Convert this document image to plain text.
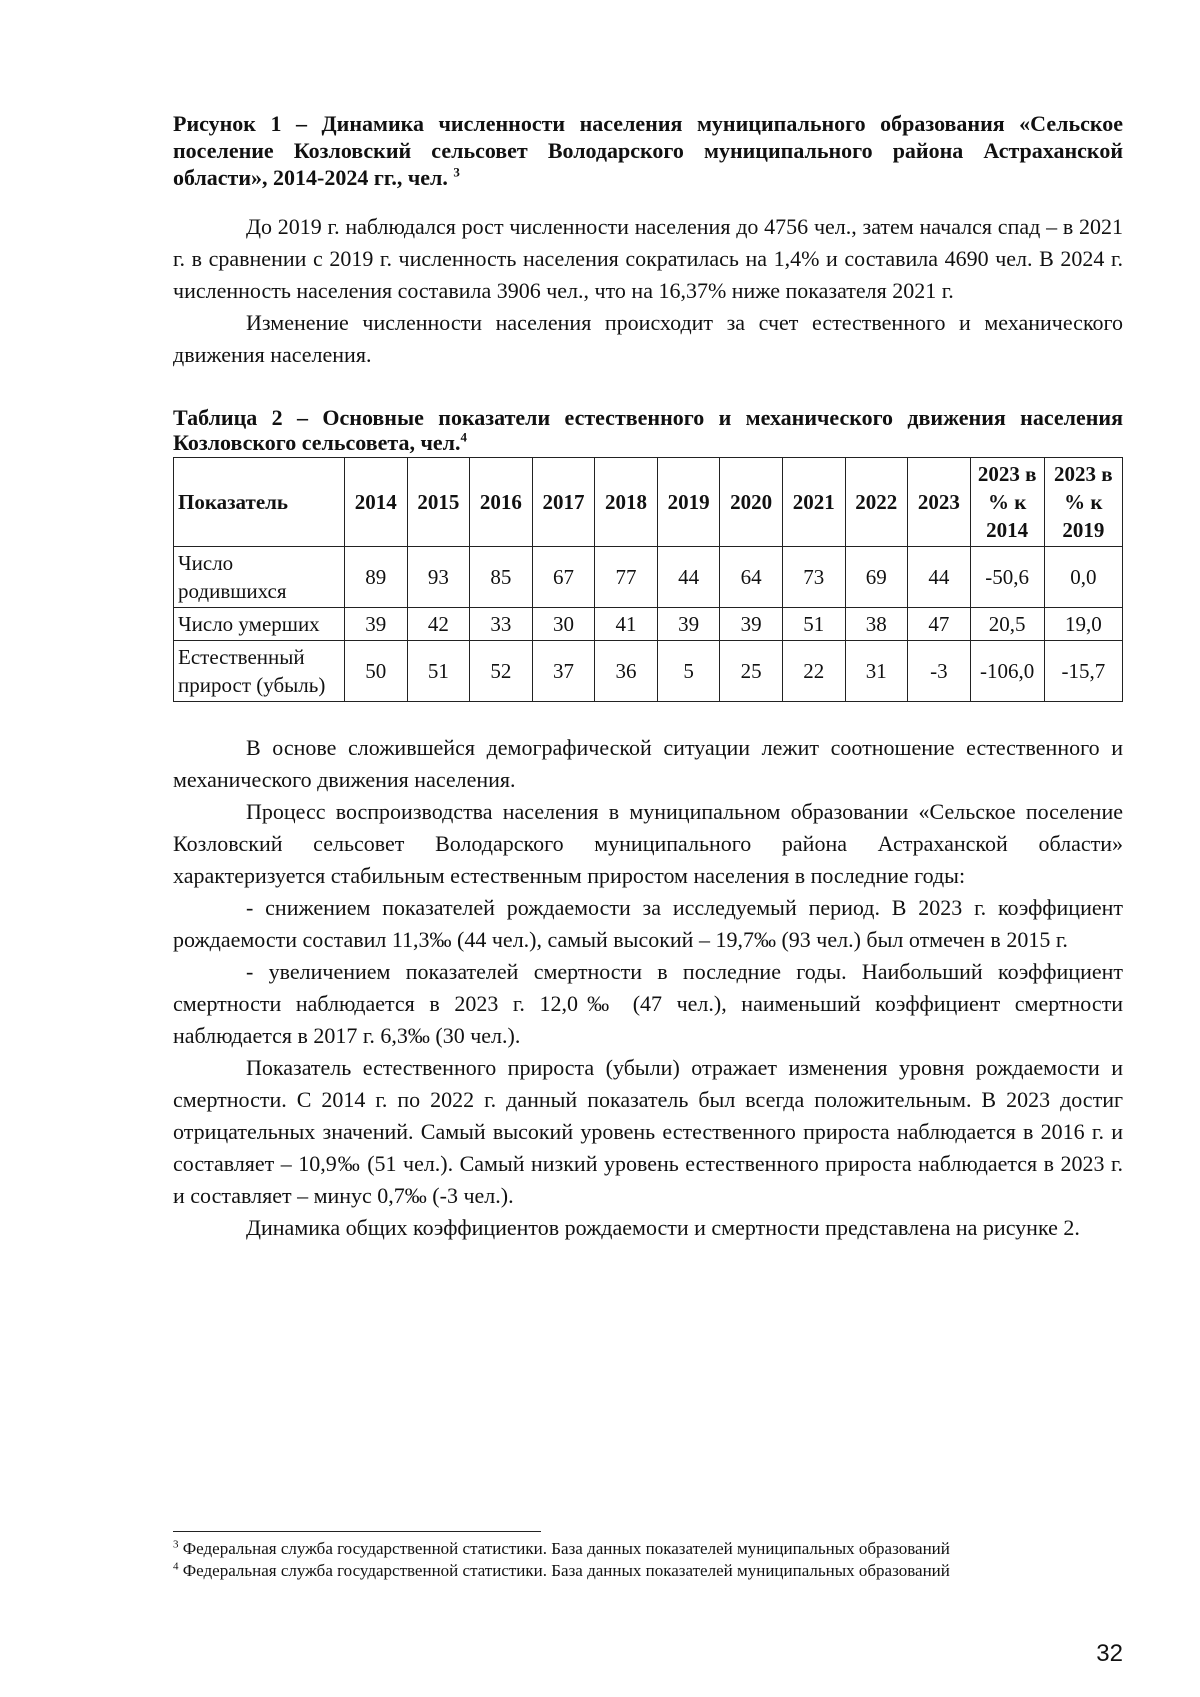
Рисунок 1 – Динамика численности населения муниципального образования «Сельское поселение Козловский сельсовет Володарского муниципального района Астраханской области», 2014-2024 гг., чел. $^3$

До 2019 г. наблюдался рост численности населения до 4756 чел., затем начался спад – в 2021 г. в сравнении с 2019 г. численность населения сократилась на 1,4% и составила 4690 чел. В 2024 г. численность населения составила 3906 чел., что на 16,37% ниже показателя 2021 г.

Изменение численности населения происходит за счет естественного и механического движения населения.

Таблица 2 – Основные показатели естественного и механического движения населения Козловского сельсовета, чел.$^4$

Показатель	2014	2015	2016	2017	2018	2019	2020	2021	2022	2023	2023 в % к 2014	2023 в % к 2019
Число родившихся	89	93	85	67	77	44	64	73	69	44	-50,6	0,0
Число умерших	39	42	33	30	41	39	39	51	38	47	20,5	19,0
Естественный прирост (убыль)	50	51	52	37	36	5	25	22	31	-3	-106,0	-15,7

В основе сложившейся демографической ситуации лежит соотношение естественного и механического движения населения.

Процесс воспроизводства населения в муниципальном образовании «Сельское поселение Козловский сельсовет Володарского муниципального района Астраханской области» характеризуется стабильным естественным приростом населения в последние годы:

- снижением показателей рождаемости за исследуемый период. В 2023 г. коэффициент рождаемости составил 11,3‰ (44 чел.), самый высокий – 19,7‰ (93 чел.) был отмечен в 2015 г.

- увеличением показателей смертности в последние годы. Наибольший коэффициент смертности наблюдается в 2023 г. 12,0‰ (47 чел.), наименьший коэффициент смертности наблюдается в 2017 г. 6,3‰ (30 чел.).

Показатель естественного прироста (убыли) отражает изменения уровня рождаемости и смертности. С 2014 г. по 2022 г. данный показатель был всегда положительным. В 2023 достиг отрицательных значений. Самый высокий уровень естественного прироста наблюдается в 2016 г. и составляет – 10,9‰ (51 чел.). Самый низкий уровень естественного прироста наблюдается в 2023 г. и составляет – минус 0,7‰ (-3 чел.).

Динамика общих коэффициентов рождаемости и смертности представлена на рисунке 2.

$^3$ Федеральная служба государственной статистики. База данных показателей муниципальных образований

$^4$ Федеральная служба государственной статистики. База данных показателей муниципальных образований

32
